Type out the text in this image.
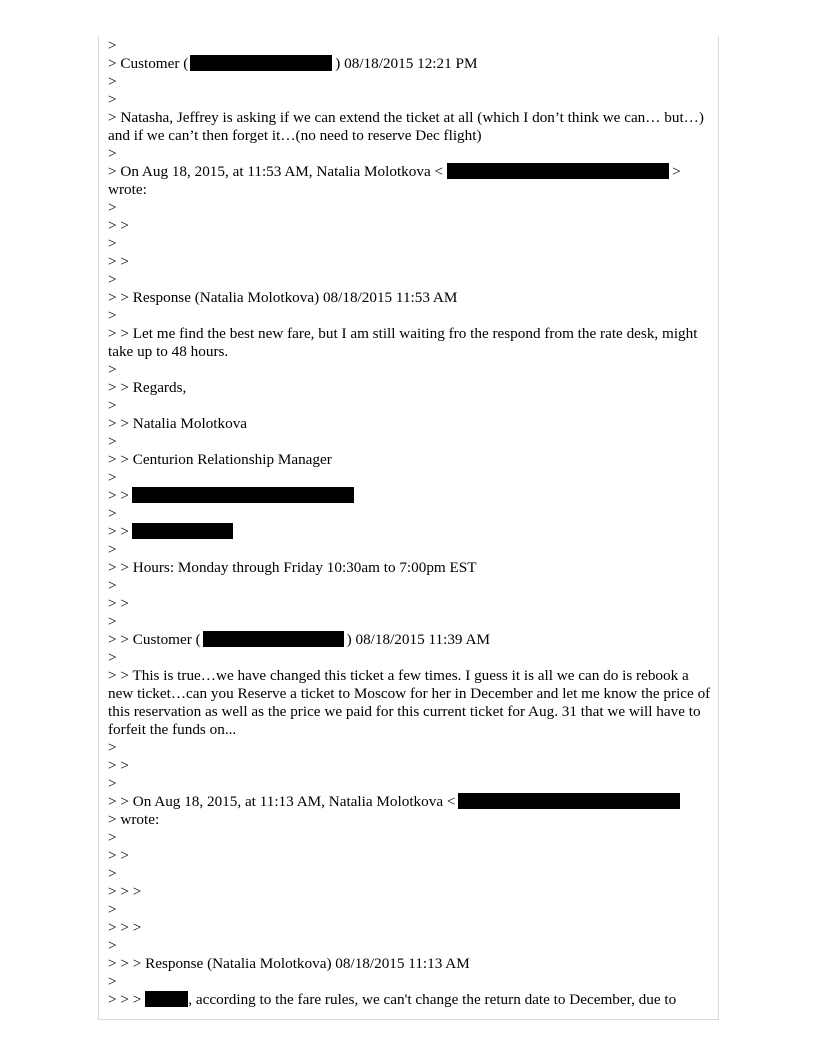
>
> Customer (	) 08/18/2015 12:21 PM
>
>
> Natasha, Jeffrey is asking if we can extend the ticket at all (which I don’t think we can… but…) and if we can’t then forget it…(no need to reserve Dec flight)
>
> On Aug 18, 2015, at 11:53 AM, Natalia Molotkova <	>
wrote:
>
> >
>
> >
>
> > Response (Natalia Molotkova) 08/18/2015 11:53 AM
>
> > Let me find the best new fare, but I am still waiting fro the respond from the rate desk, might take up to 48 hours.
>
> > Regards,
>
> > Natalia Molotkova
>
> > Centurion Relationship Manager
>
> >
>
> >
>
> > Hours: Monday through Friday 10:30am to 7:00pm EST
>
> >
>
> > Customer (	) 08/18/2015 11:39 AM
>
> > This is true…we have changed this ticket a few times. I guess it is all we can do is rebook a new ticket…can you Reserve a ticket to Moscow for her in December and let me know the price of this reservation as well as the price we paid for this current ticket for Aug. 31 that we will have to forfeit the funds on...
>
> >
>
> > On Aug 18, 2015, at 11:13 AM, Natalia Molotkova <
> wrote:
>
> >
>
> > >
>
> > >
>
> > > Response (Natalia Molotkova) 08/18/2015 11:13 AM
>
> > >	, according to the fare rules, we can't change the return date to December, due to
